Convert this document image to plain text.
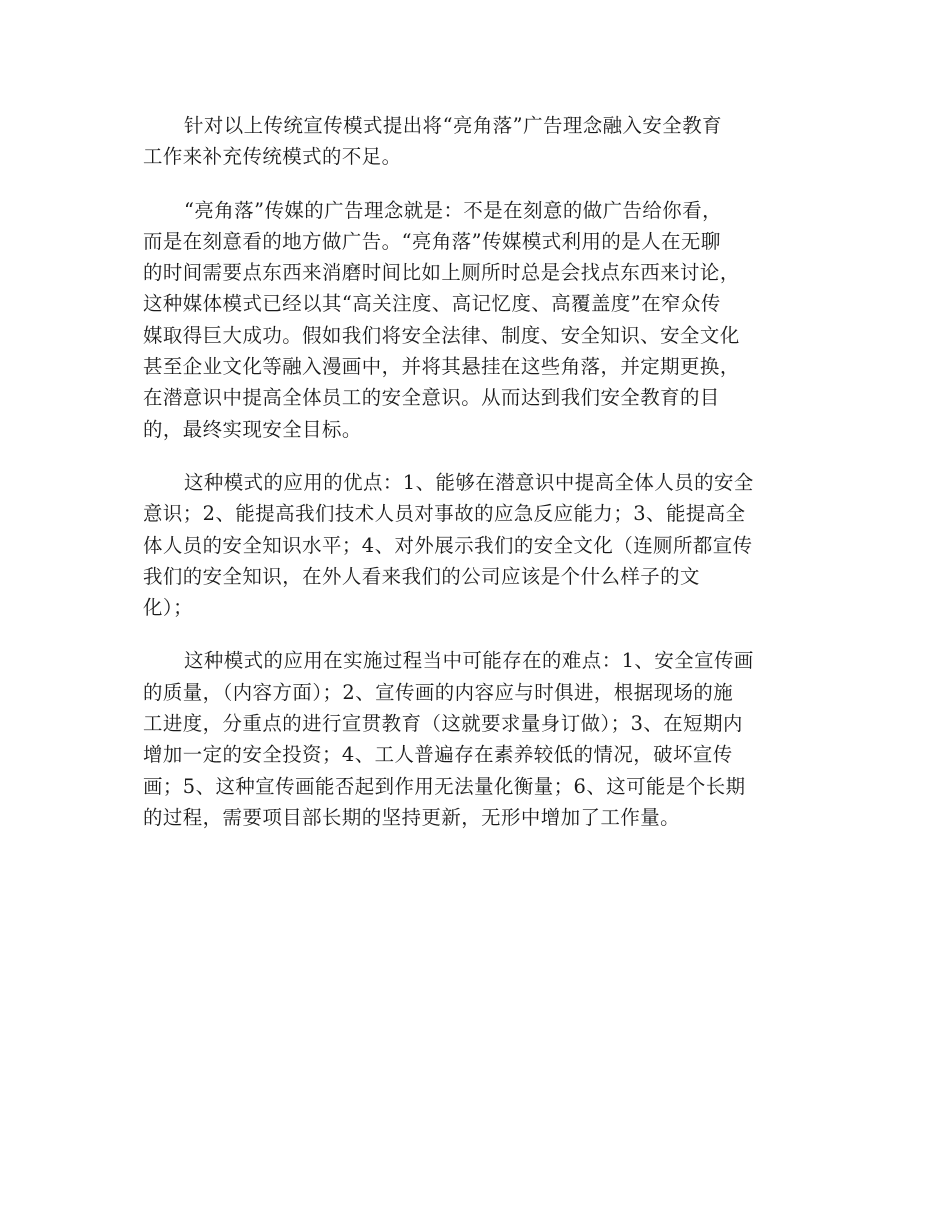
针对以上传统宣传模式提出将“亮角落”广告理念融入安全教育
工作来补充传统模式的不足。

“亮角落”传媒的广告理念就是：不是在刻意的做广告给你看，
而是在刻意看的地方做广告。“亮角落”传媒模式利用的是人在无聊
的时间需要点东西来消磨时间比如上厕所时总是会找点东西来讨论，
这种媒体模式已经以其“高关注度、高记忆度、高覆盖度”在窄众传
媒取得巨大成功。假如我们将安全法律、制度、安全知识、安全文化
甚至企业文化等融入漫画中，并将其悬挂在这些角落，并定期更换，
在潜意识中提高全体员工的安全意识。从而达到我们安全教育的目
的，最终实现安全目标。

这种模式的应用的优点：1、能够在潜意识中提高全体人员的安全
意识；2、能提高我们技术人员对事故的应急反应能力；3、能提高全
体人员的安全知识水平；4、对外展示我们的安全文化（连厕所都宣传
我们的安全知识，在外人看来我们的公司应该是个什么样子的文
化）；

这种模式的应用在实施过程当中可能存在的难点：1、安全宣传画
的质量，（内容方面）；2、宣传画的内容应与时俱进，根据现场的施
工进度，分重点的进行宣贯教育（这就要求量身订做）；3、在短期内
增加一定的安全投资；4、工人普遍存在素养较低的情况，破坏宣传
画；5、这种宣传画能否起到作用无法量化衡量；6、这可能是个长期
的过程，需要项目部长期的坚持更新，无形中增加了工作量。
